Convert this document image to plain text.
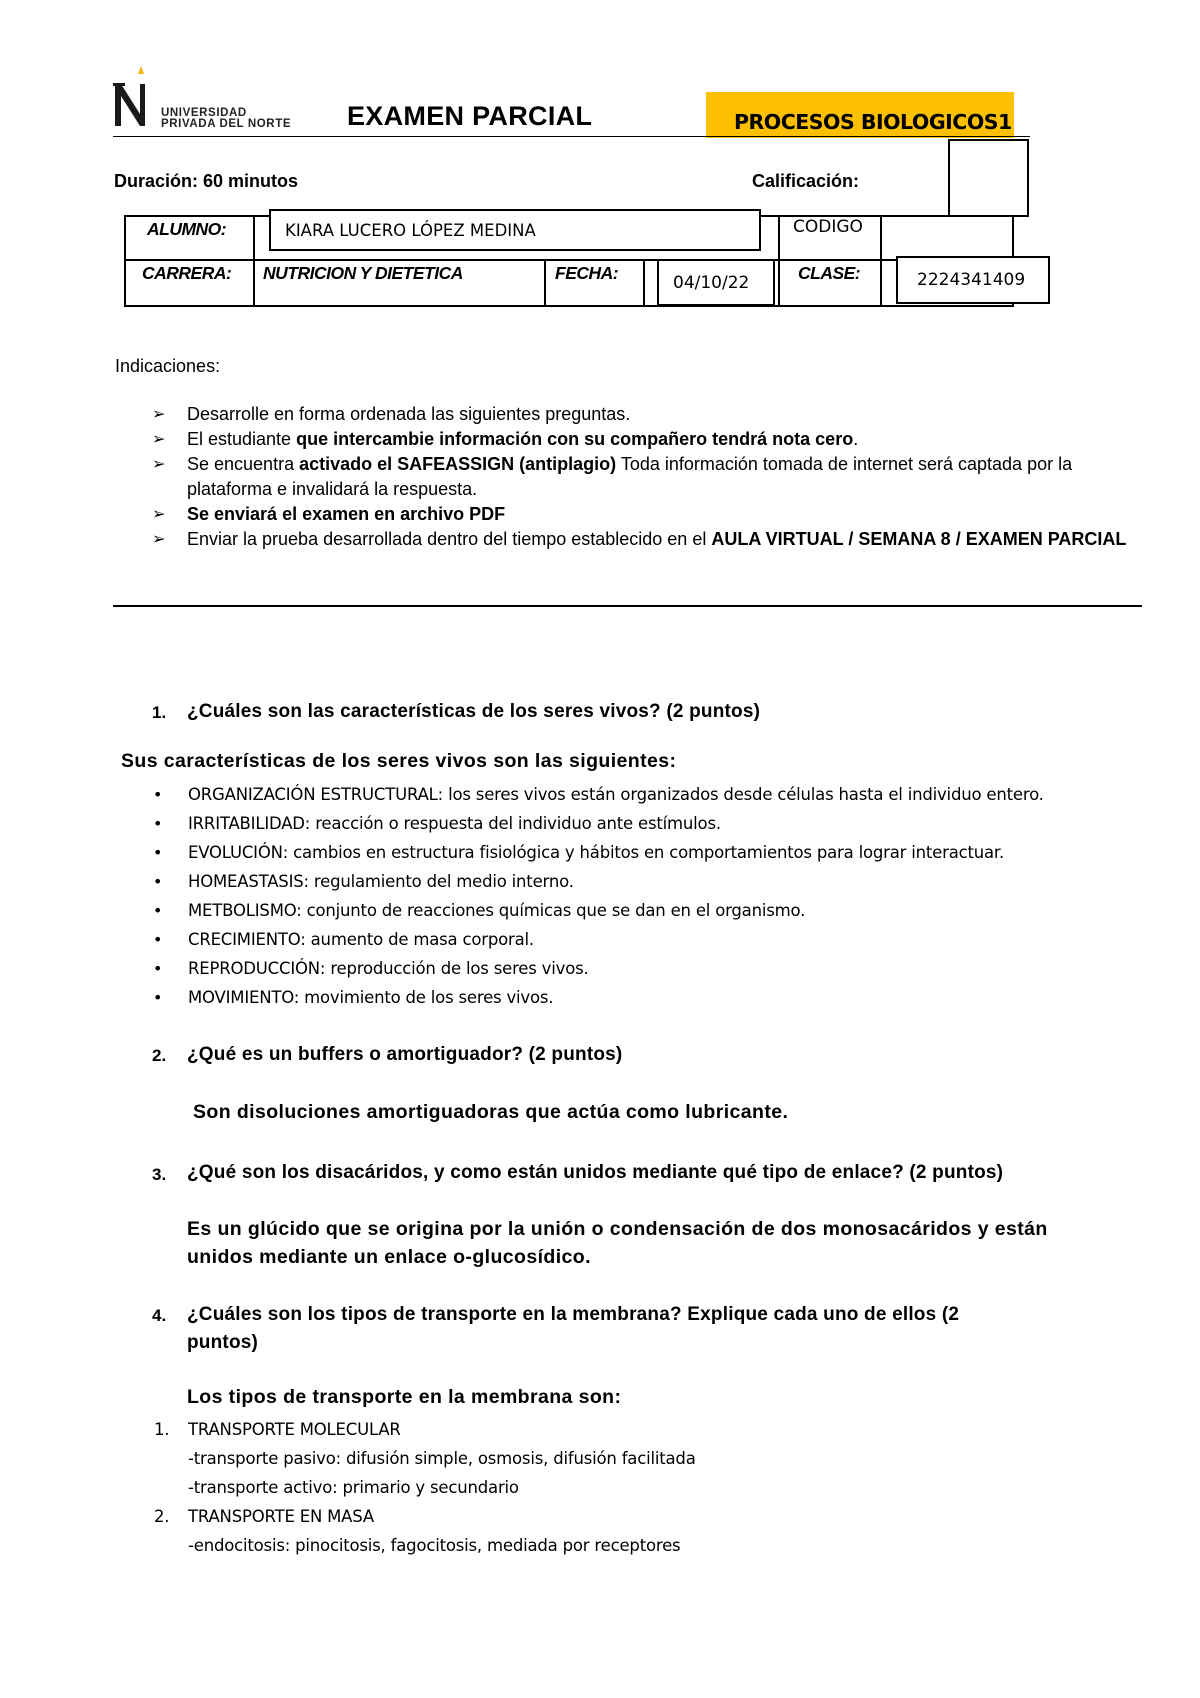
UNIVERSIDAD
PRIVADA DEL NORTE EXAMEN PARCIAL	PROCESOS BIOLOGICOS1
Duración: 60 minutos	Calificación:
ALUMNO:	KIARA LUCERO LÓPEZ MEDINA	CODIGO
CARRERA: NUTRICION Y DIETETICA	FECHA:	04/10/22	CLASE:	2224341409
Indicaciones:
➢ Desarrolle en forma ordenada las siguientes preguntas.
➢ El estudiante que intercambie información con su compañero tendrá nota cero.
➢ Se encuentra activado el SAFEASSIGN (antiplagio) Toda información tomada de internet será captada por la plataforma e invalidará la respuesta.
➢ Se enviará el examen en archivo PDF
➢ Enviar la prueba desarrollada dentro del tiempo establecido en el AULA VIRTUAL / SEMANA 8 / EXAMEN PARCIAL
1. ¿Cuáles son las características de los seres vivos? (2 puntos)
Sus características de los seres vivos son las siguientes:
• ORGANIZACIÓN ESTRUCTURAL: los seres vivos están organizados desde células hasta el individuo entero.
• IRRITABILIDAD: reacción o respuesta del individuo ante estímulos.
• EVOLUCIÓN: cambios en estructura fisiológica y hábitos en comportamientos para lograr interactuar.
• HOMEASTASIS: regulamiento del medio interno.
• METBOLISMO: conjunto de reacciones químicas que se dan en el organismo.
• CRECIMIENTO: aumento de masa corporal.
• REPRODUCCIÓN: reproducción de los seres vivos.
• MOVIMIENTO: movimiento de los seres vivos.
2. ¿Qué es un buffers o amortiguador? (2 puntos)
Son disoluciones amortiguadoras que actúa como lubricante.
3. ¿Qué son los disacáridos, y como están unidos mediante qué tipo de enlace? (2 puntos)
Es un glúcido que se origina por la unión o condensación de dos monosacáridos y están
unidos mediante un enlace o-glucosídico.
4. ¿Cuáles son los tipos de transporte en la membrana? Explique cada uno de ellos (2
puntos)
Los tipos de transporte en la membrana son:
1. TRANSPORTE MOLECULAR
-transporte pasivo: difusión simple, osmosis, difusión facilitada
-transporte activo: primario y secundario
2. TRANSPORTE EN MASA
-endocitosis: pinocitosis, fagocitosis, mediada por receptores
